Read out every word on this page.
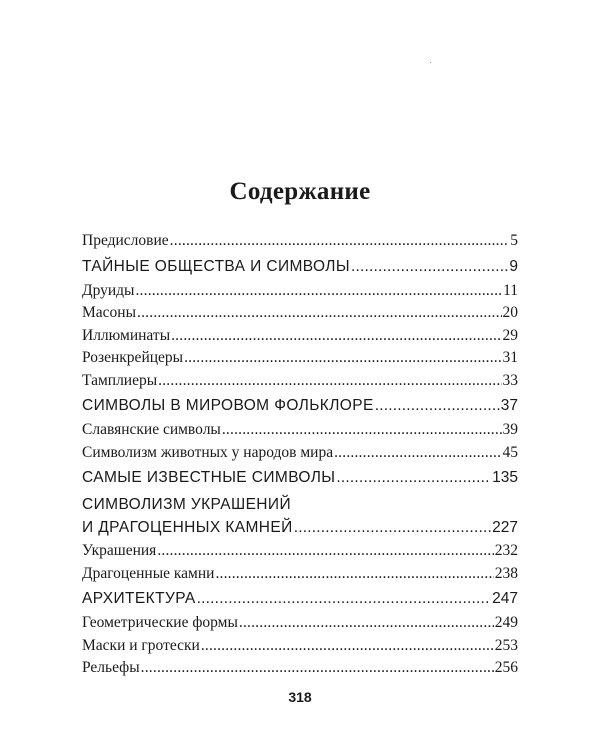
Содержание
Предисловие .....	5
ТАЙНЫЕ ОБЩЕСТВА И СИМВОЛЫ .....	9
Друиды .....	11
Масоны .....	20
Иллюминаты .....	29
Розенкрейцеры .....	31
Тамплиеры .....	33
СИМВОЛЫ В МИРОВОМ ФОЛЬКЛОРЕ .....	37
Славянские символы .....	39
Символизм животных у народов мира .....	45
САМЫЕ ИЗВЕСТНЫЕ СИМВОЛЫ .....	135
СИМВОЛИЗМ УКРАШЕНИЙ
И ДРАГОЦЕННЫХ КАМНЕЙ .....	227
Украшения .....	232
Драгоценные камни .....	238
АРХИТЕКТУРА .....	247
Геометрические формы .....	249
Маски и гротески .....	253
Рельефы .....	256
318
